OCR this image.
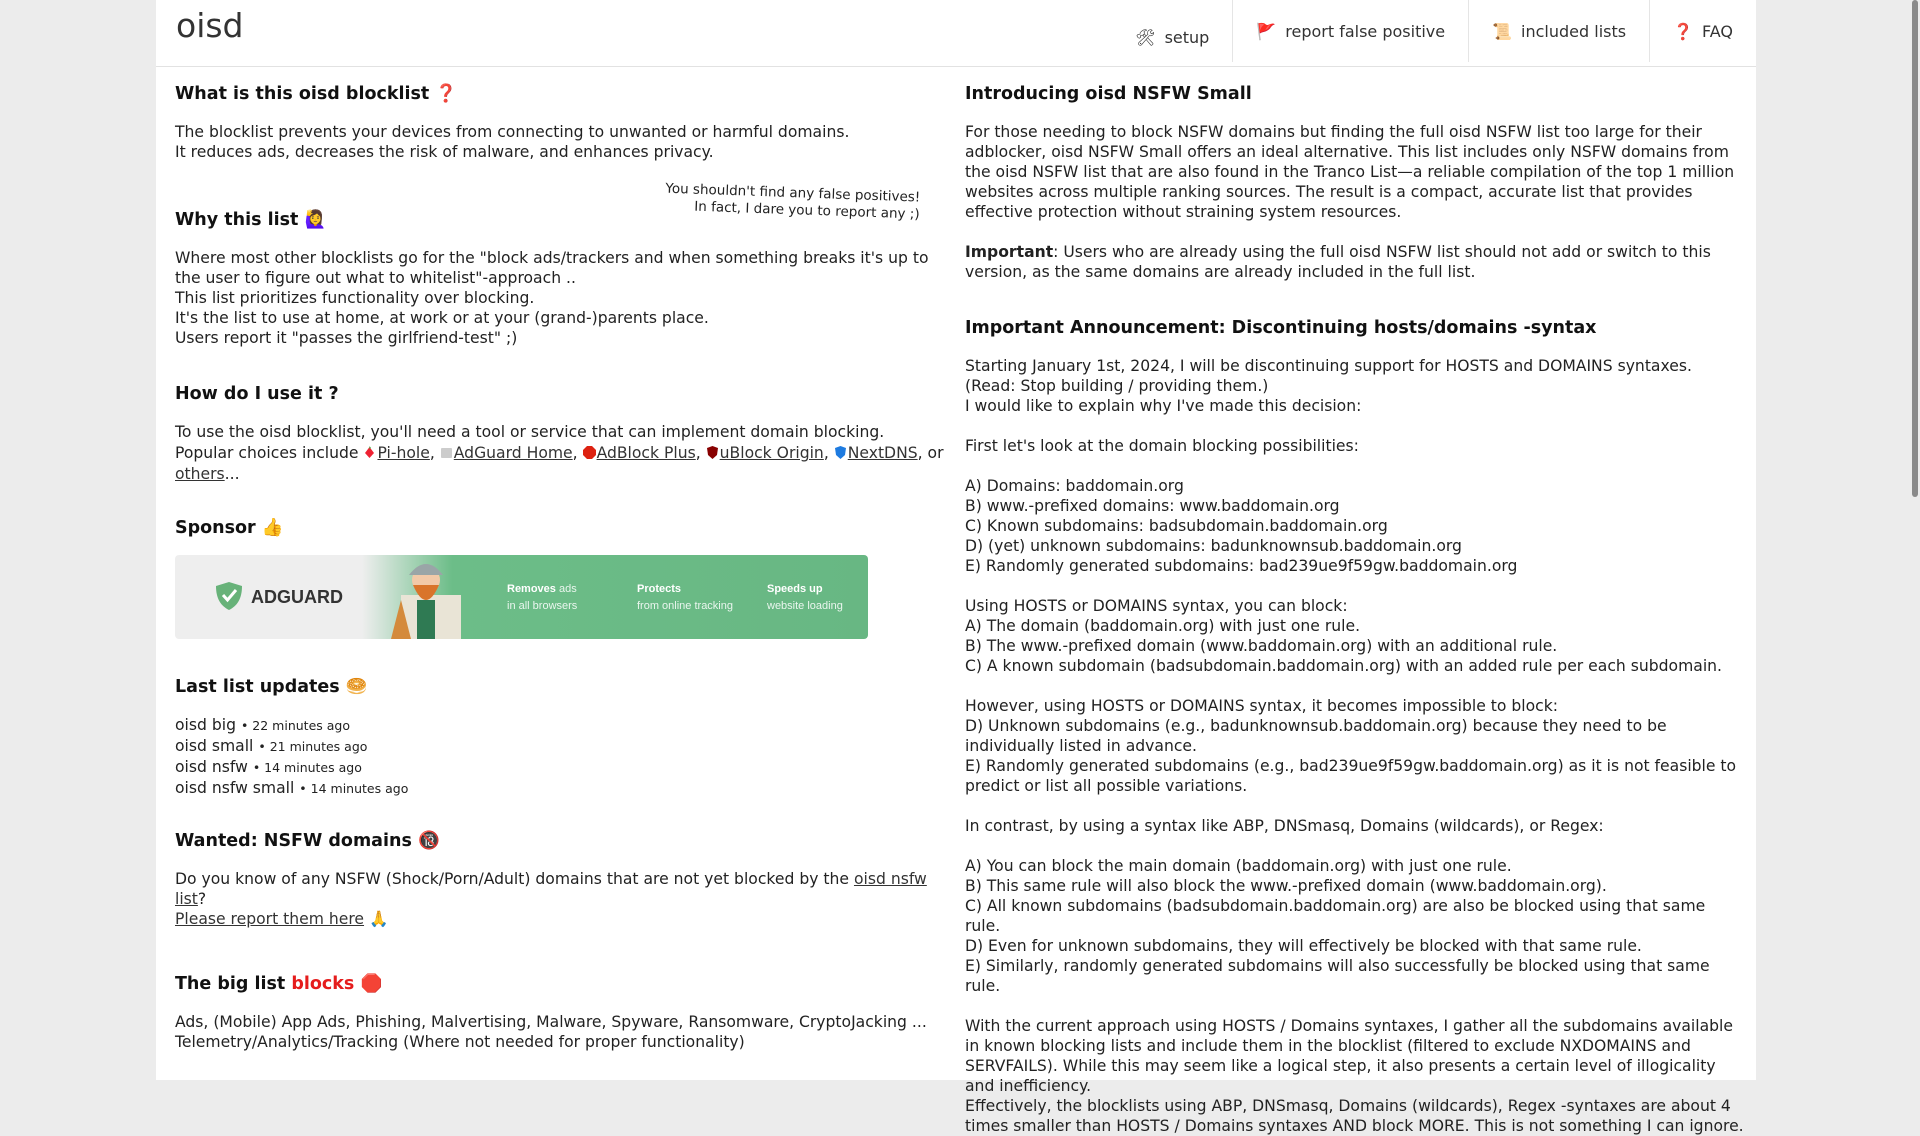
oisd	🛠 setup	🚩 report false positive	📜 included lists	❓ FAQ
What is this oisd blocklist ❓

The blocklist prevents your devices from connecting to unwanted or harmful domains.

It reduces ads, decreases the risk of malware, and enhances privacy.

You shouldn't find any false positives!
In fact, I dare you to report any ;)
Why this list 🙋‍♀️

Where most other blocklists go for the "block ads/trackers and when something breaks it's up to the user to figure out what to whitelist"-approach ..

This list prioritizes functionality over blocking.

It's the list to use at home, at work or at your (grand-)parents place.

Users report it "passes the girlfriend-test" ;)

How do I use it ?
To use the oisd blocklist, you'll need a tool or service that can implement domain blocking. Popular choices include Pi-hole, AdGuard Home, AdBlock Plus, uBlock Origin, NextDNS, or others...
Sponsor 👍
ADGUARD	Removes ads
in all browsers
Protects
from online tracking
Speeds up
website loading
Last list updates 🥯

oisd big • 22 minutes ago

oisd small • 21 minutes ago

oisd nsfw • 14 minutes ago

oisd nsfw small • 14 minutes ago

Wanted: NSFW domains 🔞
Do you know of any NSFW (Shock/Porn/Adult) domains that are not yet blocked by the oisd nsfw list?
Please report them here 🙏
The big list blocks 🛑

Ads, (Mobile) App Ads, Phishing, Malvertising, Malware, Spyware, Ransomware, CryptoJacking ...

Telemetry/Analytics/Tracking (Where not needed for proper functionality)

Introducing oisd NSFW Small

For those needing to block NSFW domains but finding the full oisd NSFW list too large for their adblocker, oisd NSFW Small offers an ideal alternative. This list includes only NSFW domains from the oisd NSFW list that are also found in the Tranco List—a reliable compilation of the top 1 million websites across multiple ranking sources. The result is a compact, accurate list that provides effective protection without straining system resources.

Important: Users who are already using the full oisd NSFW list should not add or switch to this version, as the same domains are already included in the full list.

Important Announcement: Discontinuing hosts/domains -syntax

Starting January 1st, 2024, I will be discontinuing support for HOSTS and DOMAINS syntaxes. (Read: Stop building / providing them.)

I would like to explain why I've made this decision:

First let's look at the domain blocking possibilities:

A) Domains: baddomain.org

B) www.-prefixed domains: www.baddomain.org

C) Known subdomains: badsubdomain.baddomain.org

D) (yet) unknown subdomains: badunknownsub.baddomain.org

E) Randomly generated subdomains: bad239ue9f59gw.baddomain.org

Using HOSTS or DOMAINS syntax, you can block:

A) The domain (baddomain.org) with just one rule.

B) The www.-prefixed domain (www.baddomain.org) with an additional rule.

C) A known subdomain (badsubdomain.baddomain.org) with an added rule per each subdomain.

However, using HOSTS or DOMAINS syntax, it becomes impossible to block:

D) Unknown subdomains (e.g., badunknownsub.baddomain.org) because they need to be individually listed in advance.

E) Randomly generated subdomains (e.g., bad239ue9f59gw.baddomain.org) as it is not feasible to predict or list all possible variations.

In contrast, by using a syntax like ABP, DNSmasq, Domains (wildcards), or Regex:

A) You can block the main domain (baddomain.org) with just one rule.

B) This same rule will also block the www.-prefixed domain (www.baddomain.org).

C) All known subdomains (badsubdomain.baddomain.org) are also be blocked using that same rule.

D) Even for unknown subdomains, they will effectively be blocked with that same rule.

E) Similarly, randomly generated subdomains will also successfully be blocked using that same rule.

With the current approach using HOSTS / Domains syntaxes, I gather all the subdomains available in known blocking lists and include them in the blocklist (filtered to exclude NXDOMAINS and SERVFAILS). While this may seem like a logical step, it also presents a certain level of illogicality and inefficiency.

Effectively, the blocklists using ABP, DNSmasq, Domains (wildcards), Regex -syntaxes are about 4 times smaller than HOSTS / Domains syntaxes AND block MORE. This is not something I can ignore.
